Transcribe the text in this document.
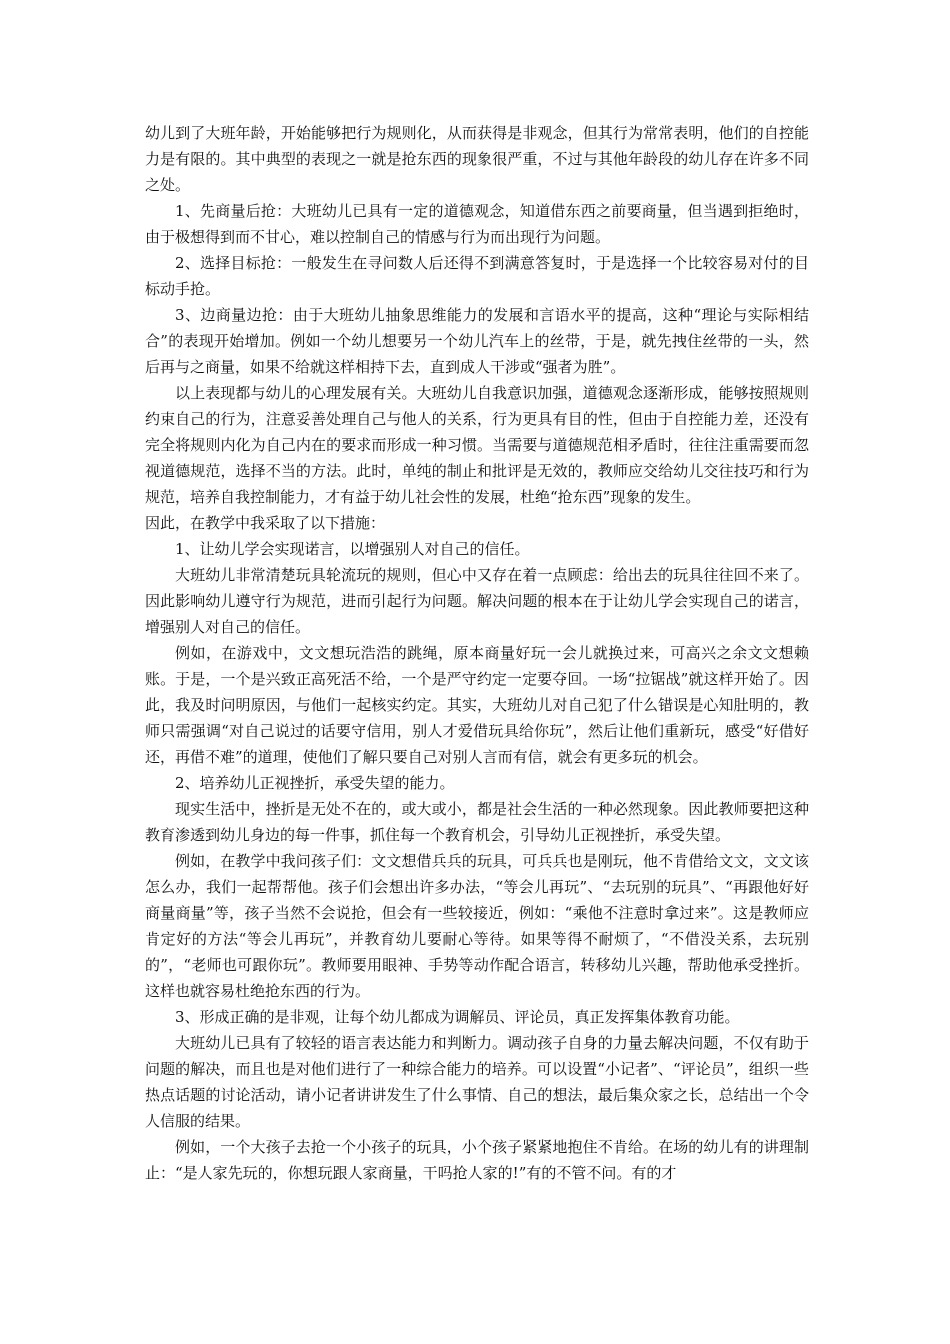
幼儿到了大班年龄，开始能够把行为规则化，从而获得是非观念，但其行为常常表明，他们的自控能力是有限的。其中典型的表现之一就是抢东西的现象很严重，不过与其他年龄段的幼儿存在许多不同之处。

1、先商量后抢：大班幼儿已具有一定的道德观念，知道借东西之前要商量，但当遇到拒绝时，由于极想得到而不甘心，难以控制自己的情感与行为而出现行为问题。

2、选择目标抢：一般发生在寻问数人后还得不到满意答复时，于是选择一个比较容易对付的目标动手抢。

3、边商量边抢：由于大班幼儿抽象思维能力的发展和言语水平的提高，这种“理论与实际相结合”的表现开始增加。例如一个幼儿想要另一个幼儿汽车上的丝带，于是，就先拽住丝带的一头，然后再与之商量，如果不给就这样相持下去，直到成人干涉或“强者为胜”。

以上表现都与幼儿的心理发展有关。大班幼儿自我意识加强，道德观念逐渐形成，能够按照规则约束自己的行为，注意妥善处理自己与他人的关系，行为更具有目的性，但由于自控能力差，还没有完全将规则内化为自己内在的要求而形成一种习惯。当需要与道德规范相矛盾时，往往注重需要而忽视道德规范，选择不当的方法。此时，单纯的制止和批评是无效的，教师应交给幼儿交往技巧和行为规范，培养自我控制能力，才有益于幼儿社会性的发展，杜绝“抢东西”现象的发生。

因此，在教学中我采取了以下措施：

1、让幼儿学会实现诺言，以增强别人对自己的信任。

大班幼儿非常清楚玩具轮流玩的规则，但心中又存在着一点顾虑：给出去的玩具往往回不来了。因此影响幼儿遵守行为规范，进而引起行为问题。解决问题的根本在于让幼儿学会实现自己的诺言，增强别人对自己的信任。

例如，在游戏中，文文想玩浩浩的跳绳，原本商量好玩一会儿就换过来，可高兴之余文文想赖账。于是，一个是兴致正高死活不给，一个是严守约定一定要夺回。一场“拉锯战”就这样开始了。因此，我及时问明原因，与他们一起核实约定。其实，大班幼儿对自己犯了什么错误是心知肚明的，教师只需强调“对自己说过的话要守信用，别人才爱借玩具给你玩”，然后让他们重新玩，感受“好借好还，再借不难”的道理，使他们了解只要自己对别人言而有信，就会有更多玩的机会。

2、培养幼儿正视挫折，承受失望的能力。

现实生活中，挫折是无处不在的，或大或小，都是社会生活的一种必然现象。因此教师要把这种教育渗透到幼儿身边的每一件事，抓住每一个教育机会，引导幼儿正视挫折，承受失望。

例如，在教学中我问孩子们：文文想借兵兵的玩具，可兵兵也是刚玩，他不肯借给文文，文文该怎么办，我们一起帮帮他。孩子们会想出许多办法，“等会儿再玩”、“去玩别的玩具”、“再跟他好好商量商量”等，孩子当然不会说抢，但会有一些较接近，例如：“乘他不注意时拿过来”。这是教师应肯定好的方法“等会儿再玩”，并教育幼儿要耐心等待。如果等得不耐烦了，“不借没关系，去玩别的”，“老师也可跟你玩”。教师要用眼神、手势等动作配合语言，转移幼儿兴趣，帮助他承受挫折。这样也就容易杜绝抢东西的行为。

3、形成正确的是非观，让每个幼儿都成为调解员、评论员，真正发挥集体教育功能。

大班幼儿已具有了较轻的语言表达能力和判断力。调动孩子自身的力量去解决问题，不仅有助于问题的解决，而且也是对他们进行了一种综合能力的培养。可以设置“小记者”、“评论员”，组织一些热点话题的讨论活动，请小记者讲讲发生了什么事情、自己的想法，最后集众家之长，总结出一个令人信服的结果。

例如，一个大孩子去抢一个小孩子的玩具，小个孩子紧紧地抱住不肯给。在场的幼儿有的讲理制止：“是人家先玩的，你想玩跟人家商量，干吗抢人家的!”有的不管不问。有的才
